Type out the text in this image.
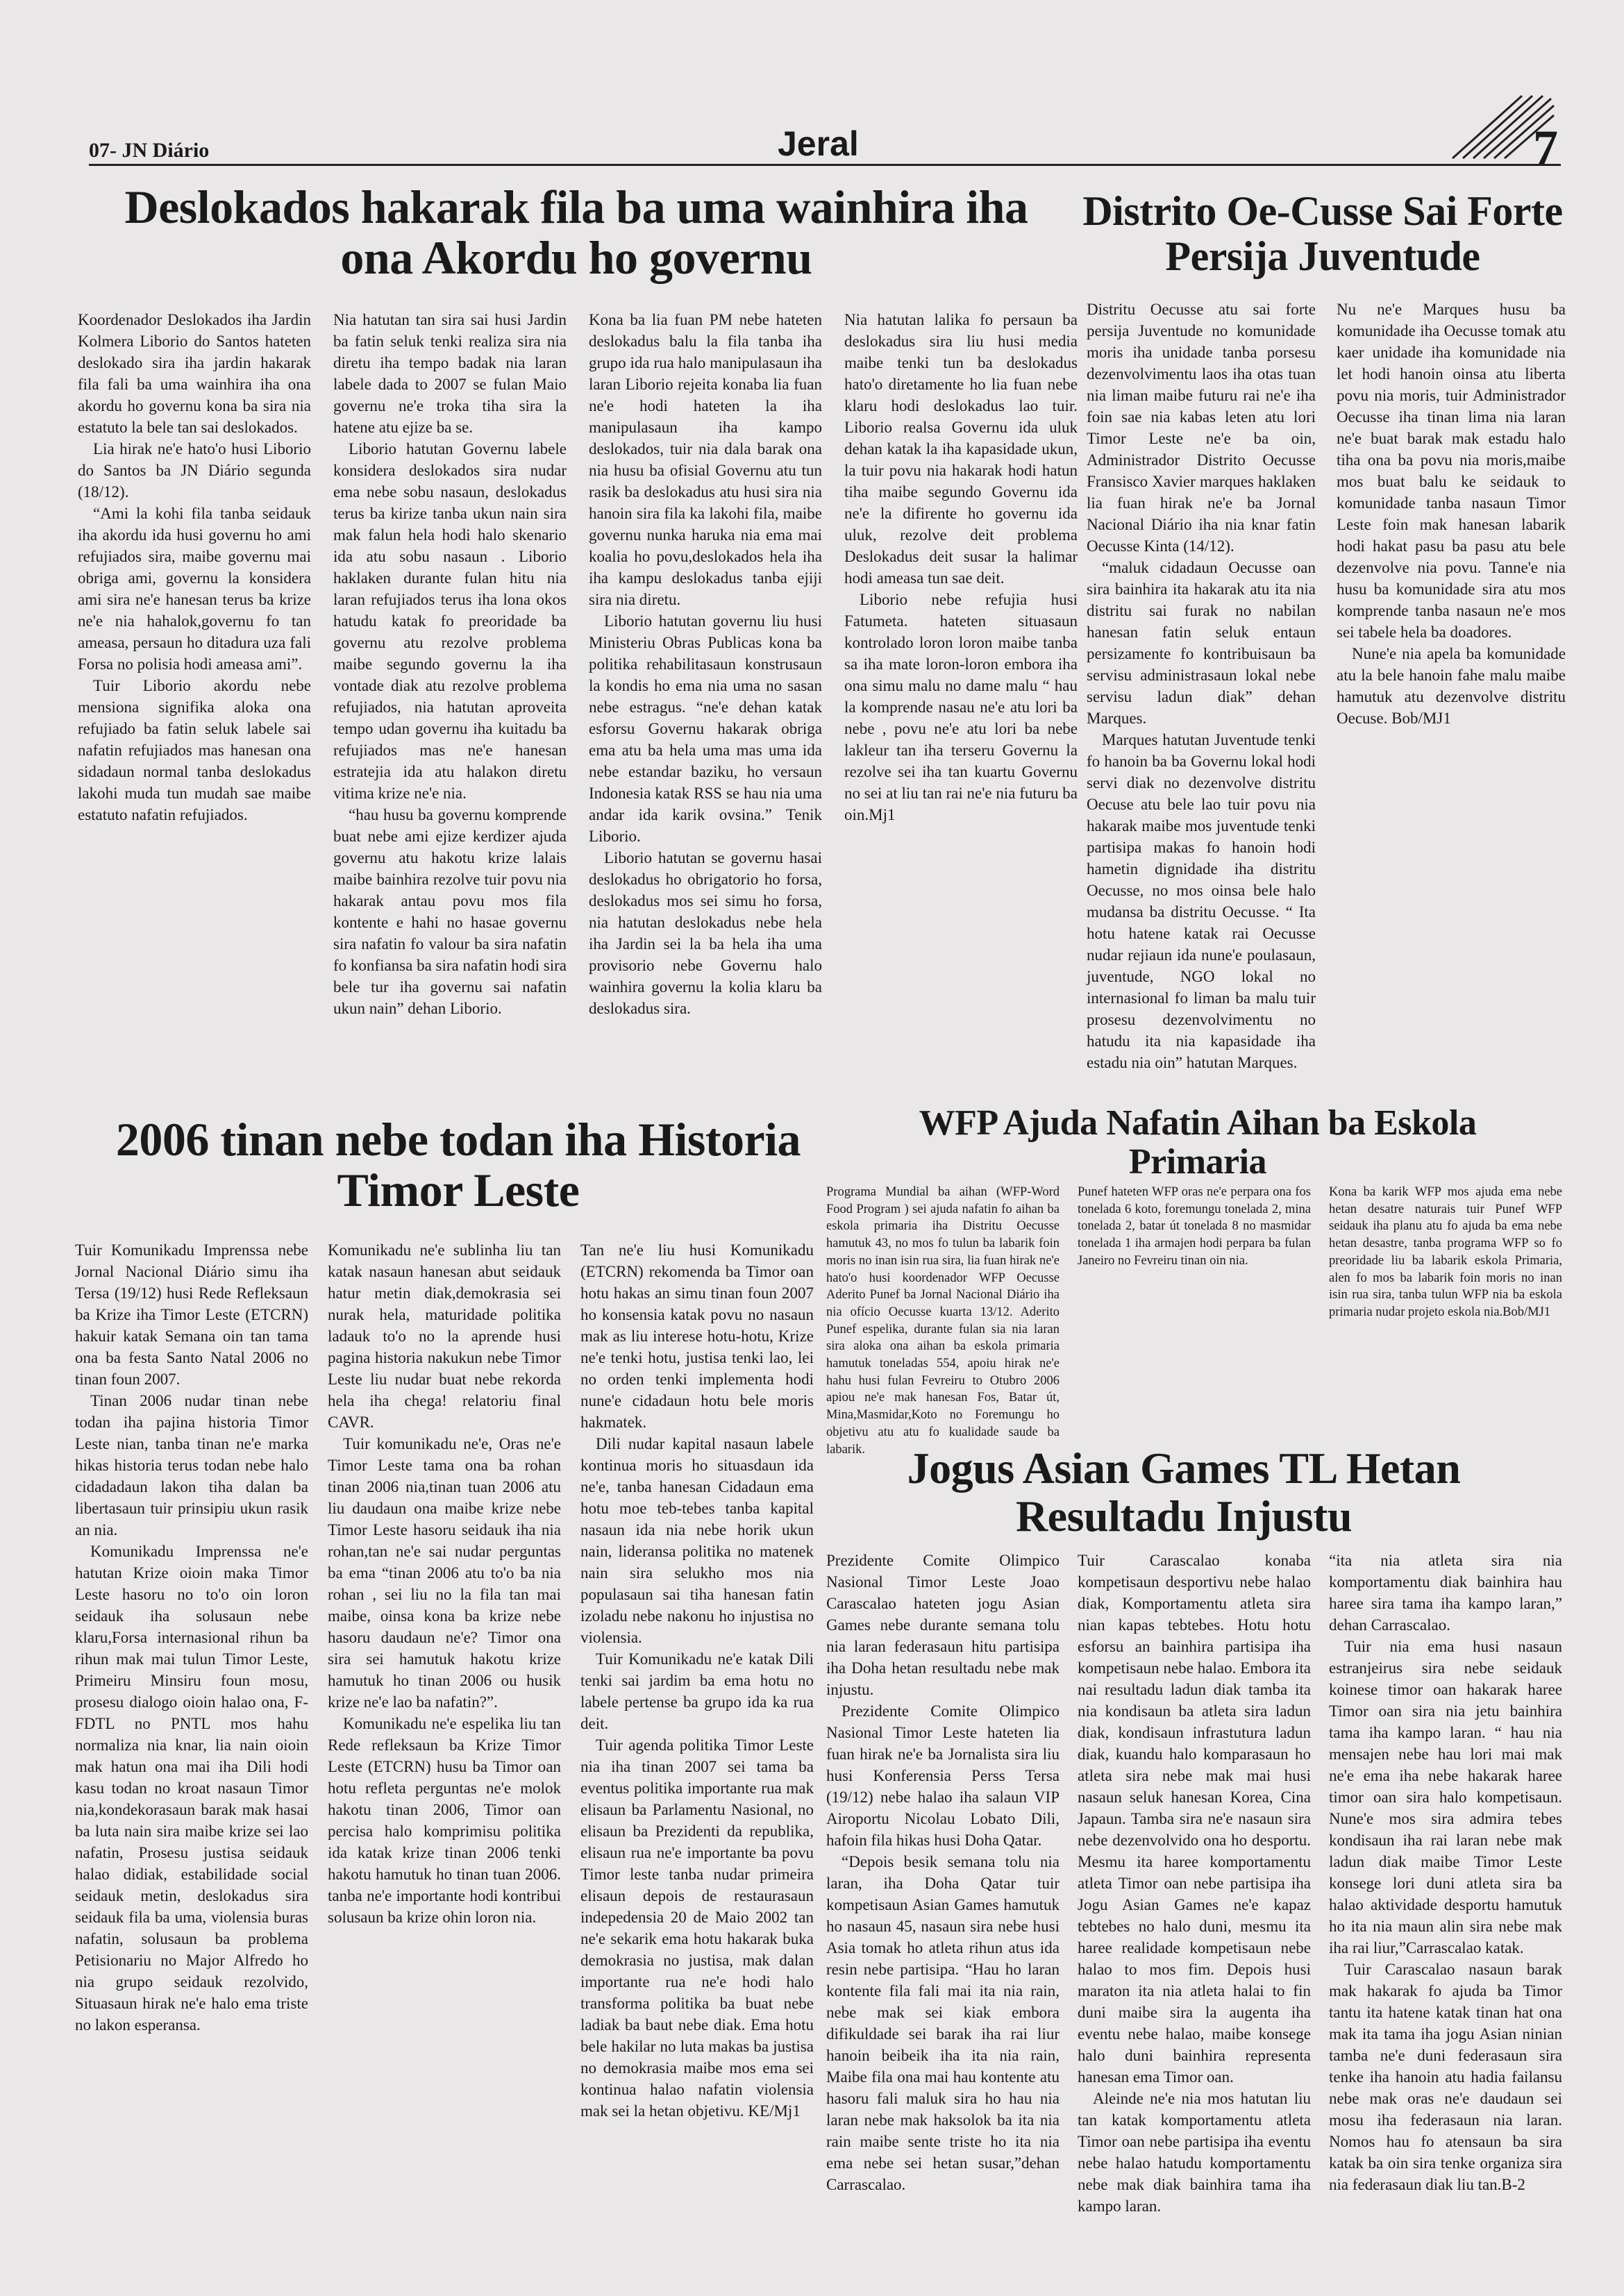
07- JN Diário	Jeral	7
Deslokados hakarak fila ba uma wainhira iha ona Akordu ho governu

Koordenador Deslokados iha Jardin Kolmera Liborio do Santos hateten deslokado sira iha jardin hakarak fila fali ba uma wainhira iha ona akordu ho governu kona ba sira nia estatuto la bele tan sai deslokados.

Lia hirak ne'e hato'o husi Liborio do Santos ba JN Diário segunda (18/12).

“Ami la kohi fila tanba seidauk iha akordu ida husi governu ho ami refujiados sira, maibe governu mai obriga ami, governu la konsidera ami sira ne'e hanesan terus ba krize ne'e nia hahalok,governu fo tan ameasa, persaun ho ditadura uza fali Forsa no polisia hodi ameasa ami”.

Tuir Liborio akordu nebe mensiona signifika aloka ona refujiado ba fatin seluk labele sai nafatin refujiados mas hanesan ona sidadaun normal tanba deslokadus lakohi muda tun mudah sae maibe estatuto nafatin refujiados.

Nia hatutan tan sira sai husi Jardin ba fatin seluk tenki realiza sira nia diretu iha tempo badak nia laran labele dada to 2007 se fulan Maio governu ne'e troka tiha sira la hatene atu ejize ba se.

Liborio hatutan Governu labele konsidera deslokados sira nudar ema nebe sobu nasaun, deslokadus terus ba kirize tanba ukun nain sira mak falun hela hodi halo skenario ida atu sobu nasaun . Liborio haklaken durante fulan hitu nia laran refujiados terus iha lona okos hatudu katak fo preoridade ba governu atu rezolve problema maibe segundo governu la iha vontade diak atu rezolve problema refujiados, nia hatutan aproveita tempo udan governu iha kuitadu ba refujiados mas ne'e hanesan estratejia ida atu halakon diretu vitima krize ne'e nia.

“hau husu ba governu komprende buat nebe ami ejize kerdizer ajuda governu atu hakotu krize lalais maibe bainhira rezolve tuir povu nia hakarak antau povu mos fila kontente e hahi no hasae governu sira nafatin fo valour ba sira nafatin fo konfiansa ba sira nafatin hodi sira bele tur iha governu sai nafatin ukun nain” dehan Liborio.

Kona ba lia fuan PM nebe hateten deslokadus balu la fila tanba iha grupo ida rua halo manipulasaun iha laran Liborio rejeita konaba lia fuan ne'e hodi hateten la iha manipulasaun iha kampo deslokados, tuir nia dala barak ona nia husu ba ofisial Governu atu tun rasik ba deslokadus atu husi sira nia hanoin sira fila ka lakohi fila, maibe governu nunka haruka nia ema mai koalia ho povu,deslokados hela iha iha kampu deslokadus tanba ejiji sira nia diretu.

Liborio hatutan governu liu husi Ministeriu Obras Publicas kona ba politika rehabilitasaun konstrusaun la kondis ho ema nia uma no sasan nebe estragus. “ne'e dehan katak esforsu Governu hakarak obriga ema atu ba hela uma mas uma ida nebe estandar baziku, ho versaun Indonesia katak RSS se hau nia uma andar ida karik ovsina.” Tenik Liborio.

Liborio hatutan se governu hasai deslokadus ho obrigatorio ho forsa, deslokadus mos sei simu ho forsa, nia hatutan deslokadus nebe hela iha Jardin sei la ba hela iha uma provisorio nebe Governu halo wainhira governu la kolia klaru ba deslokadus sira.

Nia hatutan lalika fo persaun ba deslokadus sira liu husi media maibe tenki tun ba deslokadus hato'o diretamente ho lia fuan nebe klaru hodi deslokadus lao tuir. Liborio realsa Governu ida uluk dehan katak la iha kapasidade ukun, la tuir povu nia hakarak hodi hatun tiha maibe segundo Governu ida ne'e la difirente ho governu ida uluk, rezolve deit problema Deslokadus deit susar la halimar hodi ameasa tun sae deit.

Liborio nebe refujia husi Fatumeta. hateten situasaun kontrolado loron loron maibe tanba sa iha mate loron-loron embora iha ona simu malu no dame malu “ hau la komprende nasau ne'e atu lori ba nebe , povu ne'e atu lori ba nebe lakleur tan iha terseru Governu la rezolve sei iha tan kuartu Governu no sei at liu tan rai ne'e nia futuru ba oin.Mj1

Distrito Oe-Cusse Sai Forte Persija Juventude

Distritu Oecusse atu sai forte persija Juventude no komunidade moris iha unidade tanba porsesu dezenvolvimentu laos iha otas tuan nia liman maibe futuru rai ne'e iha foin sae nia kabas leten atu lori Timor Leste ne'e ba oin, Administrador Distrito Oecusse Fransisco Xavier marques haklaken lia fuan hirak ne'e ba Jornal Nacional Diário iha nia knar fatin Oecusse Kinta (14/12).

“maluk cidadaun Oecusse oan sira bainhira ita hakarak atu ita nia distritu sai furak no nabilan hanesan fatin seluk entaun persizamente fo kontribuisaun ba servisu administrasaun lokal nebe servisu ladun diak” dehan Marques.

Marques hatutan Juventude tenki fo hanoin ba ba Governu lokal hodi servi diak no dezenvolve distritu Oecuse atu bele lao tuir povu nia hakarak maibe mos juventude tenki partisipa makas fo hanoin hodi hametin dignidade iha distritu Oecusse, no mos oinsa bele halo mudansa ba distritu Oecusse. “ Ita hotu hatene katak rai Oecusse nudar rejiaun ida nune'e poulasaun, juventude, NGO lokal no internasional fo liman ba malu tuir prosesu dezenvolvimentu no hatudu ita nia kapasidade iha estadu nia oin” hatutan Marques.

Nu ne'e Marques husu ba komunidade iha Oecusse tomak atu kaer unidade iha komunidade nia let hodi hanoin oinsa atu liberta povu nia moris, tuir Administrador Oecusse iha tinan lima nia laran ne'e buat barak mak estadu halo tiha ona ba povu nia moris,maibe mos buat balu ke seidauk to komunidade tanba nasaun Timor Leste foin mak hanesan labarik hodi hakat pasu ba pasu atu bele dezenvolve nia povu. Tanne'e nia husu ba komunidade sira atu mos komprende tanba nasaun ne'e mos sei tabele hela ba doadores.

Nune'e nia apela ba komunidade atu la bele hanoin fahe malu maibe hamutuk atu dezenvolve distritu Oecuse. Bob/MJ1

2006 tinan nebe todan iha Historia Timor Leste

Tuir Komunikadu Imprenssa nebe Jornal Nacional Diário simu iha Tersa (19/12) husi Rede Refleksaun ba Krize iha Timor Leste (ETCRN) hakuir katak Semana oin tan tama ona ba festa Santo Natal 2006 no tinan foun 2007.

Tinan 2006 nudar tinan nebe todan iha pajina historia Timor Leste nian, tanba tinan ne'e marka hikas historia terus todan nebe halo cidadadaun lakon tiha dalan ba libertasaun tuir prinsipiu ukun rasik an nia.

Komunikadu Imprenssa ne'e hatutan Krize oioin maka Timor Leste hasoru no to'o oin loron seidauk iha solusaun nebe klaru,Forsa internasional rihun ba rihun mak mai tulun Timor Leste, Primeiru Minsiru foun mosu, prosesu dialogo oioin halao ona, F-FDTL no PNTL mos hahu normaliza nia knar, lia nain oioin mak hatun ona mai iha Dili hodi kasu todan no kroat nasaun Timor nia,kondekorasaun barak mak hasai ba luta nain sira maibe krize sei lao nafatin, Prosesu justisa seidauk halao didiak, estabilidade social seidauk metin, deslokadus sira seidauk fila ba uma, violensia buras nafatin, solusaun ba problema Petisionariu no Major Alfredo ho nia grupo seidauk rezolvido, Situasaun hirak ne'e halo ema triste no lakon esperansa.

Komunikadu ne'e sublinha liu tan katak nasaun hanesan abut seidauk hatur metin diak,demokrasia sei nurak hela, maturidade politika ladauk to'o no la aprende husi pagina historia nakukun nebe Timor Leste liu nudar buat nebe rekorda hela iha chega! relatoriu final CAVR.

Tuir komunikadu ne'e, Oras ne'e Timor Leste tama ona ba rohan tinan 2006 nia,tinan tuan 2006 atu liu daudaun ona maibe krize nebe Timor Leste hasoru seidauk iha nia rohan,tan ne'e sai nudar perguntas ba ema “tinan 2006 atu to'o ba nia rohan , sei liu no la fila tan mai maibe, oinsa kona ba krize nebe hasoru daudaun ne'e? Timor ona sira sei hamutuk hakotu krize hamutuk ho tinan 2006 ou husik krize ne'e lao ba nafatin?”.

Komunikadu ne'e espelika liu tan Rede refleksaun ba Krize Timor Leste (ETCRN) husu ba Timor oan hotu refleta perguntas ne'e molok hakotu tinan 2006, Timor oan percisa halo komprimisu politika ida katak krize tinan 2006 tenki hakotu hamutuk ho tinan tuan 2006. tanba ne'e importante hodi kontribui solusaun ba krize ohin loron nia.

Tan ne'e liu husi Komunikadu (ETCRN) rekomenda ba Timor oan hotu hakas an simu tinan foun 2007 ho konsensia katak povu no nasaun mak as liu interese hotu-hotu, Krize ne'e tenki hotu, justisa tenki lao, lei no orden tenki implementa hodi nune'e cidadaun hotu bele moris hakmatek.

Dili nudar kapital nasaun labele kontinua moris ho situasdaun ida ne'e, tanba hanesan Cidadaun ema hotu moe teb-tebes tanba kapital nasaun ida nia nebe horik ukun nain, lideransa politika no matenek nain sira selukho mos nia populasaun sai tiha hanesan fatin izoladu nebe nakonu ho injustisa no violensia.

Tuir Komunikadu ne'e katak Dili tenki sai jardim ba ema hotu no labele pertense ba grupo ida ka rua deit.

Tuir agenda politika Timor Leste nia iha tinan 2007 sei tama ba eventus politika importante rua mak elisaun ba Parlamentu Nasional, no elisaun ba Prezidenti da republika, elisaun rua ne'e importante ba povu Timor leste tanba nudar primeira elisaun depois de restaurasaun indepedensia 20 de Maio 2002 tan ne'e sekarik ema hotu hakarak buka demokrasia no justisa, mak dalan importante rua ne'e hodi halo transforma politika ba buat nebe ladiak ba baut nebe diak. Ema hotu bele hakilar no luta makas ba justisa no demokrasia maibe mos ema sei kontinua halao nafatin violensia mak sei la hetan objetivu. KE/Mj1

WFP Ajuda Nafatin Aihan ba Eskola Primaria

Programa Mundial ba aihan (WFP-Word Food Program ) sei ajuda nafatin fo aihan ba eskola primaria iha Distritu Oecusse hamutuk 43, no mos fo tulun ba labarik foin moris no inan isin rua sira, lia fuan hirak ne'e hato'o husi koordenador WFP Oecusse Aderito Punef ba Jornal Nacional Diário iha nia ofício Oecusse kuarta 13/12. Aderito Punef espelika, durante fulan sia nia laran sira aloka ona aihan ba eskola primaria hamutuk toneladas 554, apoiu hirak ne'e hahu husi fulan Fevreiru to Otubro 2006 apiou ne'e mak hanesan Fos, Batar út, Mina,Masmidar,Koto no Foremungu ho objetivu atu atu fo kualidade saude ba labarik.

Punef hateten WFP oras ne'e perpara ona fos tonelada 6 koto, foremungu tonelada 2, mina tonelada 2, batar út tonelada 8 no masmidar tonelada 1 iha armajen hodi perpara ba fulan Janeiro no Fevreiru tinan oin nia.

Kona ba karik WFP mos ajuda ema nebe hetan desatre naturais tuir Punef WFP seidauk iha planu atu fo ajuda ba ema nebe hetan desastre, tanba programa WFP so fo preoridade liu ba labarik eskola Primaria, alen fo mos ba labarik foin moris no inan isin rua sira, tanba tulun WFP nia ba eskola primaria nudar projeto eskola nia.Bob/MJ1

Jogus Asian Games TL Hetan Resultadu Injustu

Prezidente Comite Olimpico Nasional Timor Leste Joao Carascalao hateten jogu Asian Games nebe durante semana tolu nia laran federasaun hitu partisipa iha Doha hetan resultadu nebe mak injustu.

Prezidente Comite Olimpico Nasional Timor Leste hateten lia fuan hirak ne'e ba Jornalista sira liu husi Konferensia Perss Tersa (19/12) nebe halao iha salaun VIP Airoportu Nicolau Lobato Dili, hafoin fila hikas husi Doha Qatar.

“Depois besik semana tolu nia laran, iha Doha Qatar tuir kompetisaun Asian Games hamutuk ho nasaun 45, nasaun sira nebe husi Asia tomak ho atleta rihun atus ida resin nebe partisipa. “Hau ho laran kontente fila fali mai ita nia rain, nebe mak sei kiak embora difikuldade sei barak iha rai liur hanoin beibeik iha ita nia rain, Maibe fila ona mai hau kontente atu hasoru fali maluk sira ho hau nia laran nebe mak haksolok ba ita nia rain maibe sente triste ho ita nia ema nebe sei hetan susar,”dehan Carrascalao.

Tuir Carascalao konaba kompetisaun desportivu nebe halao diak, Komportamentu atleta sira nian kapas tebtebes. Hotu hotu esforsu an bainhira partisipa iha kompetisaun nebe halao. Embora ita nai resultadu ladun diak tamba ita nia kondisaun ba atleta sira ladun diak, kondisaun infrastutura ladun diak, kuandu halo komparasaun ho atleta sira nebe mak mai husi nasaun seluk hanesan Korea, Cina Japaun. Tamba sira ne'e nasaun sira nebe dezenvolvido ona ho desportu. Mesmu ita haree komportamentu atleta Timor oan nebe partisipa iha Jogu Asian Games ne'e kapaz tebtebes no halo duni, mesmu ita haree realidade kompetisaun nebe halao to mos fim. Depois husi maraton ita nia atleta halai to fin duni maibe sira la augenta iha eventu nebe halao, maibe konsege halo duni bainhira representa hanesan ema Timor oan.

Aleinde ne'e nia mos hatutan liu tan katak komportamentu atleta Timor oan nebe partisipa iha eventu nebe halao hatudu komportamentu nebe mak diak bainhira tama iha kampo laran.

“ita nia atleta sira nia komportamentu diak bainhira hau haree sira tama iha kampo laran,” dehan Carrascalao.

Tuir nia ema husi nasaun estranjeirus sira nebe seidauk koinese timor oan hakarak haree Timor oan sira nia jetu bainhira tama iha kampo laran. “ hau nia mensajen nebe hau lori mai mak ne'e ema iha nebe hakarak haree timor oan sira halo kompetisaun. Nune'e mos sira admira tebes kondisaun iha rai laran nebe mak ladun diak maibe Timor Leste konsege lori duni atleta sira ba halao aktividade desportu hamutuk ho ita nia maun alin sira nebe mak iha rai liur,”Carrascalao katak.

Tuir Carascalao nasaun barak mak hakarak fo ajuda ba Timor tantu ita hatene katak tinan hat ona mak ita tama iha jogu Asian ninian tamba ne'e duni federasaun sira tenke iha hanoin atu hadia failansu nebe mak oras ne'e daudaun sei mosu iha federasaun nia laran. Nomos hau fo atensaun ba sira katak ba oin sira tenke organiza sira nia federasaun diak liu tan.B-2
